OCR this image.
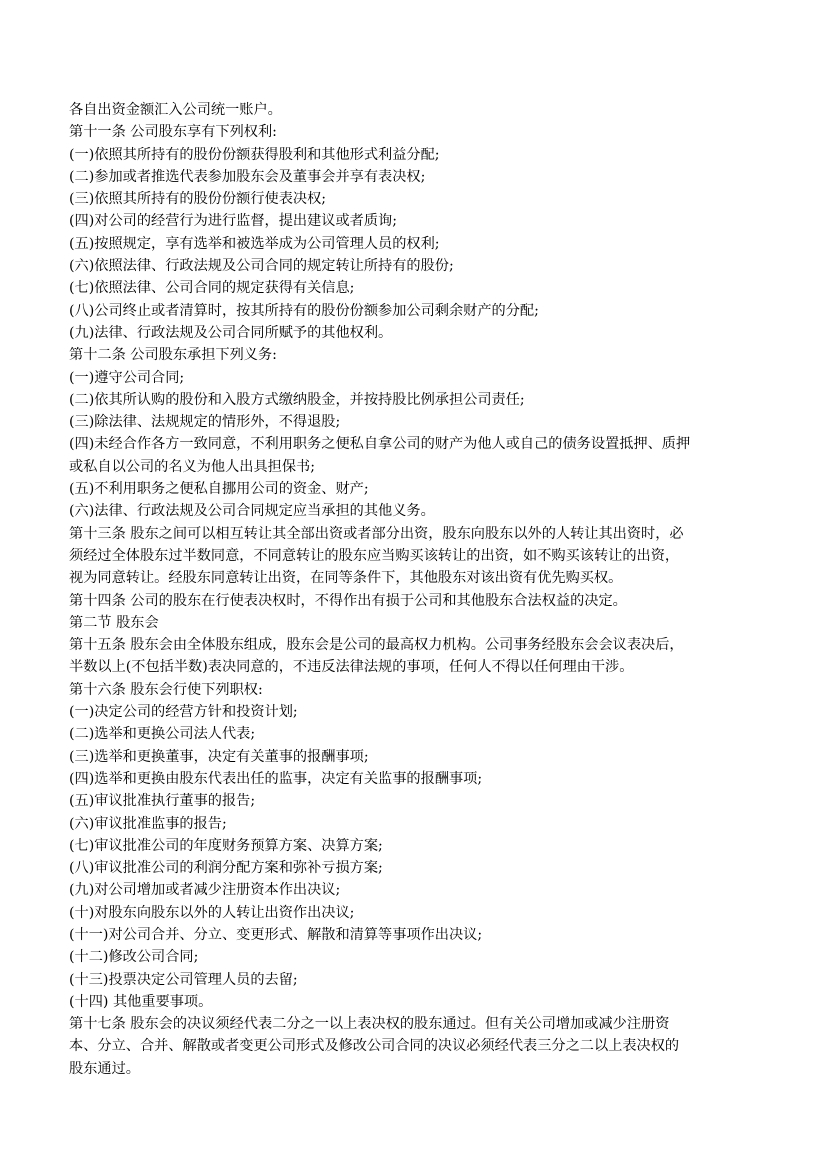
各自出资金额汇入公司统一账户。
第十一条 公司股东享有下列权利:
(一)依照其所持有的股份份额获得股利和其他形式利益分配;
(二)参加或者推选代表参加股东会及董事会并享有表决权;
(三)依照其所持有的股份份额行使表决权;
(四)对公司的经营行为进行监督，提出建议或者质询;
(五)按照规定，享有选举和被选举成为公司管理人员的权利;
(六)依照法律、行政法规及公司合同的规定转让所持有的股份;
(七)依照法律、公司合同的规定获得有关信息;
(八)公司终止或者清算时，按其所持有的股份份额参加公司剩余财产的分配;
(九)法律、行政法规及公司合同所赋予的其他权利。
第十二条 公司股东承担下列义务:
(一)遵守公司合同;
(二)依其所认购的股份和入股方式缴纳股金，并按持股比例承担公司责任;
(三)除法律、法规规定的情形外，不得退股;
(四)未经合作各方一致同意，不利用职务之便私自拿公司的财产为他人或自己的债务设置抵押、质押
或私自以公司的名义为他人出具担保书;
(五)不利用职务之便私自挪用公司的资金、财产;
(六)法律、行政法规及公司合同规定应当承担的其他义务。
第十三条 股东之间可以相互转让其全部出资或者部分出资，股东向股东以外的人转让其出资时，必
须经过全体股东过半数同意，不同意转让的股东应当购买该转让的出资，如不购买该转让的出资，
视为同意转让。经股东同意转让出资，在同等条件下，其他股东对该出资有优先购买权。
第十四条 公司的股东在行使表决权时，不得作出有损于公司和其他股东合法权益的决定。
第二节 股东会
第十五条 股东会由全体股东组成，股东会是公司的最高权力机构。公司事务经股东会会议表决后，
半数以上(不包括半数)表决同意的，不违反法律法规的事项，任何人不得以任何理由干涉。
第十六条 股东会行使下列职权:
(一)决定公司的经营方针和投资计划;
(二)选举和更换公司法人代表;
(三)选举和更换董事，决定有关董事的报酬事项;
(四)选举和更换由股东代表出任的监事，决定有关监事的报酬事项;
(五)审议批准执行董事的报告;
(六)审议批准监事的报告;
(七)审议批准公司的年度财务预算方案、决算方案;
(八)审议批准公司的利润分配方案和弥补亏损方案;
(九)对公司增加或者减少注册资本作出决议;
(十)对股东向股东以外的人转让出资作出决议;
(十一)对公司合并、分立、变更形式、解散和清算等事项作出决议;
(十二)修改公司合同;
(十三)投票决定公司管理人员的去留;
(十四) 其他重要事项。
第十七条 股东会的决议须经代表二分之一以上表决权的股东通过。但有关公司增加或减少注册资
本、分立、合并、解散或者变更公司形式及修改公司合同的决议必须经代表三分之二以上表决权的
股东通过。
